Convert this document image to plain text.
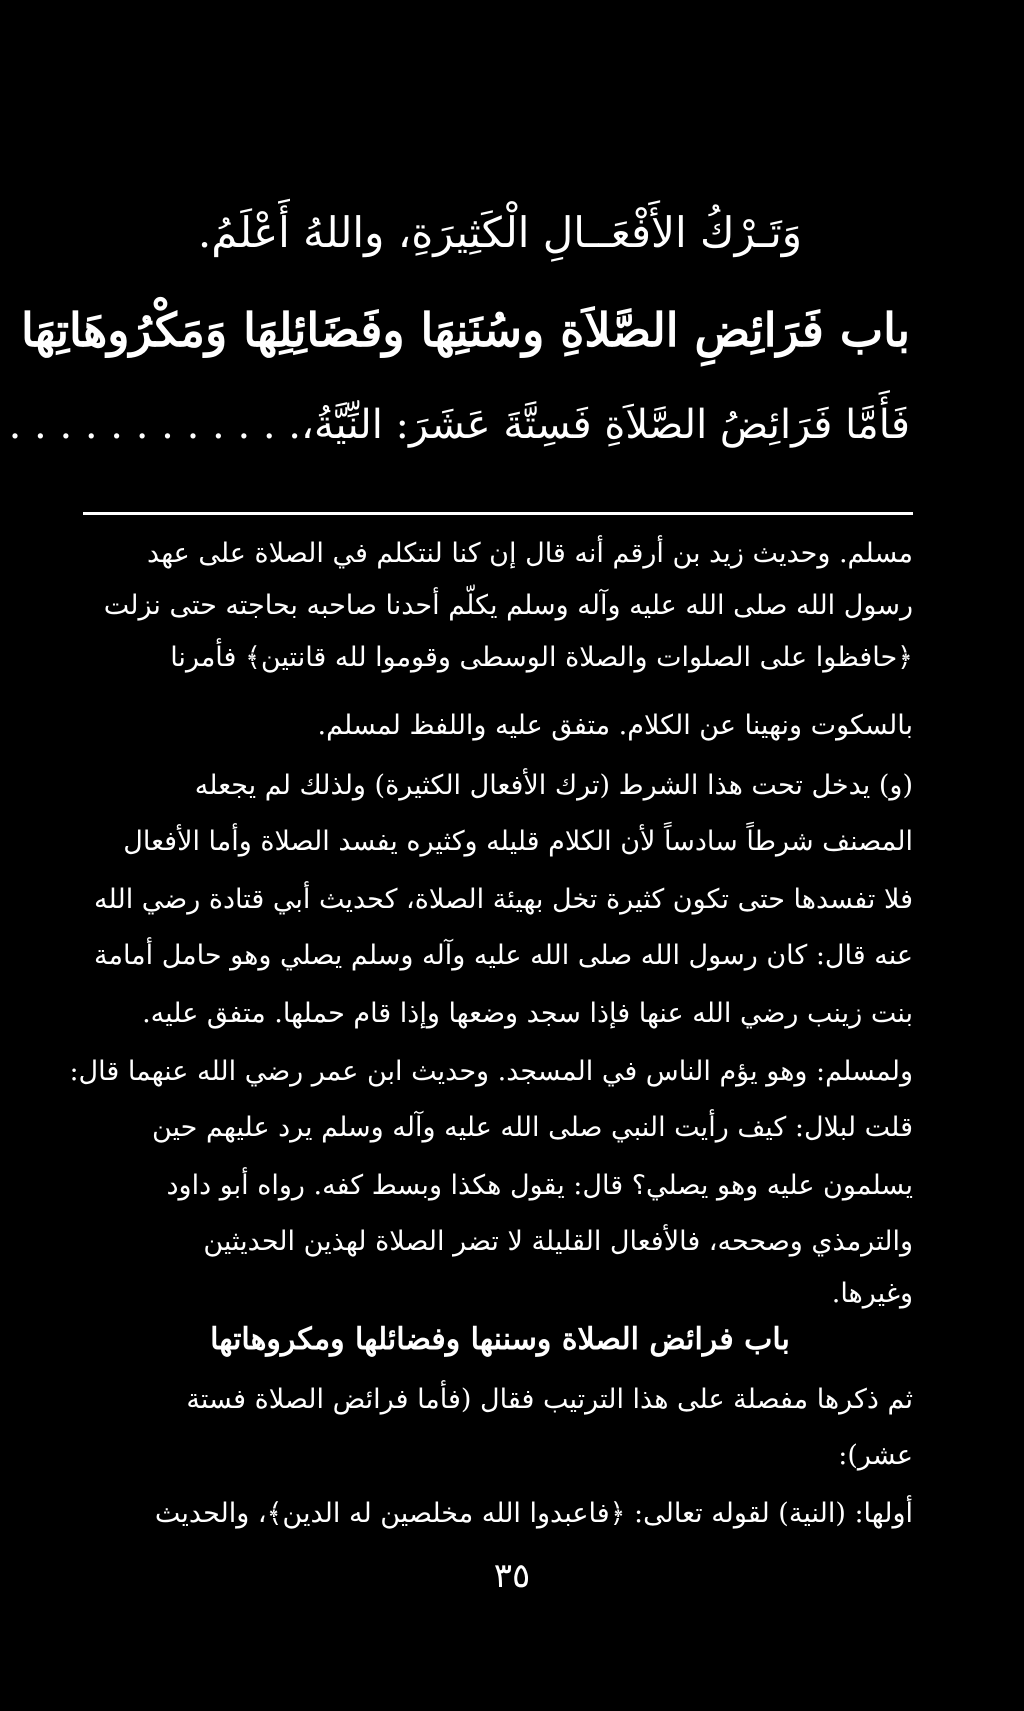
وَتَـرْكُ الأَفْعَــالِ الْكَثِيرَةِ، واللهُ أَعْلَمُ.
باب فَرَائِضِ الصَّلاَةِ وسُنَنِهَا وفَضَائِلِهَا وَمَكْرُوهَاتِهَا
فَأَمَّا فَرَائِضُ الصَّلاَةِ فَسِتَّةَ عَشَرَ: النِّيَّةُ،. . . . . . . . . . . .
مسلم. وحديث زيد بن أرقم أنه قال إن كنا لنتكلم في الصلاة على عهد
رسول الله صلى الله عليه وآله وسلم يكلّم أحدنا صاحبه بحاجته حتى نزلت
﴿حافظوا على الصلوات والصلاة الوسطى وقوموا لله قانتين﴾ فأمرنا
بالسكوت ونهينا عن الكلام. متفق عليه واللفظ لمسلم.
(و) يدخل تحت هذا الشرط (ترك الأفعال الكثيرة) ولذلك لم يجعله
المصنف شرطاً سادساً لأن الكلام قليله وكثيره يفسد الصلاة وأما الأفعال
فلا تفسدها حتى تكون كثيرة تخل بهيئة الصلاة، كحديث أبي قتادة رضي الله
عنه قال: كان رسول الله صلى الله عليه وآله وسلم يصلي وهو حامل أمامة
بنت زينب رضي الله عنها فإذا سجد وضعها وإذا قام حملها. متفق عليه.
ولمسلم: وهو يؤم الناس في المسجد. وحديث ابن عمر رضي الله عنهما قال:
قلت لبلال: كيف رأيت النبي صلى الله عليه وآله وسلم يرد عليهم حين
يسلمون عليه وهو يصلي؟ قال: يقول هكذا وبسط كفه. رواه أبو داود
والترمذي وصححه، فالأفعال القليلة لا تضر الصلاة لهذين الحديثين
وغيرها.
باب فرائض الصلاة وسننها وفضائلها ومكروهاتها
ثم ذكرها مفصلة على هذا الترتيب فقال (فأما فرائض الصلاة فستة
عشر):
أولها: (النية) لقوله تعالى: ﴿فاعبدوا الله مخلصين له الدين﴾، والحديث
٣٥
